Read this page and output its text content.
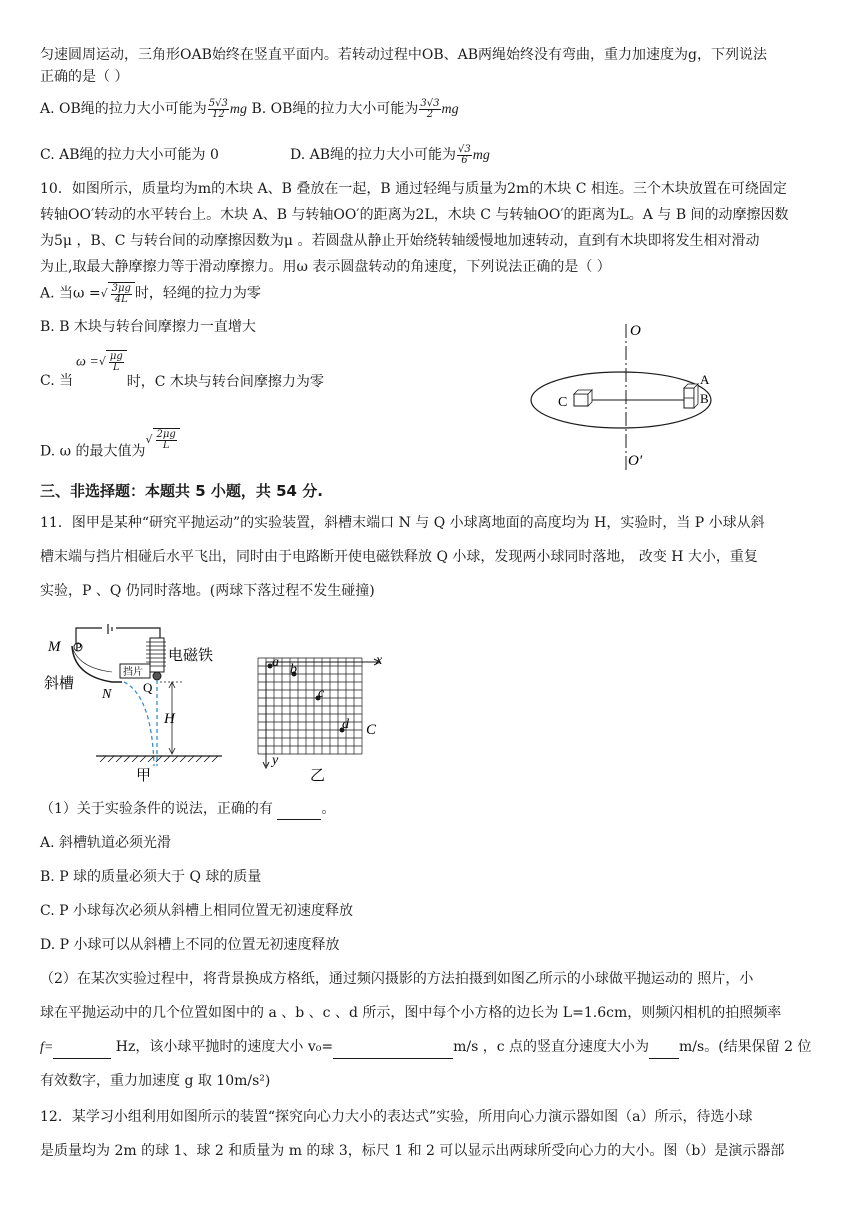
匀速圆周运动，三角形OAB始终在竖直平面内。若转动过程中OB、AB两绳始终没有弯曲，重力加速度为g，下列说法
正确的是（ ）
A. OB绳的拉力大小可能为 $\frac{5√3}{12}$ mg B. OB绳的拉力大小可能为 $\frac{3√3}{2}$ mg
C. AB绳的拉力大小可能为 0	D. AB绳的拉力大小可能为 $\frac{√3}{6}$ mg
10．如图所示，质量均为m的木块 A、B 叠放在一起，B 通过轻绳与质量为2m的木块 C 相连。三个木块放置在可绕固定
转轴OO′转动的水平转台上。木块 A、B 与转轴OO′的距离为2L，木块 C 与转轴OO′的距离为L。A 与 B 间的动摩擦因数
为5μ ，B、C 与转台间的动摩擦因数为μ 。若圆盘从静止开始绕转轴缓慢地加速转动，直到有木块即将发生相对滑动
为止,取最大静摩擦力等于滑动摩擦力。用ω 表示圆盘转动的角速度，下列说法正确的是（ ）
A. 当ω =√ $\frac{3\mu g}{4L}$ 时，轻绳的拉力为零
B. B 木块与转台间摩擦力一直增大
C. 当
ω =√ $\frac{\mu g}{L}$
时，C 木块与转台间摩擦力为零
D. ω 的最大值为√ $\frac{2\mu g}{L}$
O
O′
A
B
C
三、非选择题：本题共 5 小题，共 54 分.
11．图甲是某种“研究平抛运动”的实验装置，斜槽末端口 N 与 Q 小球离地面的高度均为 H，实验时，当 P 小球从斜
槽末端与挡片相碰后水平飞出，同时由于电路断开使电磁铁释放 Q 小球，发现两小球同时落地， 改变 H 大小，重复
实验，P 、Q 仍同时落地。(两球下落过程不发生碰撞)
挡片
M P
电磁铁
斜槽
N Q
H
甲
a b
c
d
x
y
C
乙
（1）关于实验条件的说法，正确的有	。
A. 斜槽轨道必须光滑
B. P 球的质量必须大于 Q 球的质量
C. P 小球每次必须从斜槽上相同位置无初速度释放
D. P 小球可以从斜槽上不同的位置无初速度释放
（2）在某次实验过程中，将背景换成方格纸，通过频闪摄影的方法拍摄到如图乙所示的小球做平抛运动的 照片，小
球在平抛运动中的几个位置如图中的 a 、b 、c 、d 所示，图中每个小方格的边长为 L=1.6cm，则频闪相机的拍照频率
f=	Hz，该小球平抛时的速度大小 v₀=	m/s ，c 点的竖直分速度大小为 m/s。(结果保留 2 位
有效数字，重力加速度 g 取 10m/s²)
12．某学习小组利用如图所示的装置“探究向心力大小的表达式”实验，所用向心力演示器如图（a）所示，待选小球
是质量均为 2m 的球 1、球 2 和质量为 m 的球 3，标尺 1 和 2 可以显示出两球所受向心力的大小。图（b）是演示器部
